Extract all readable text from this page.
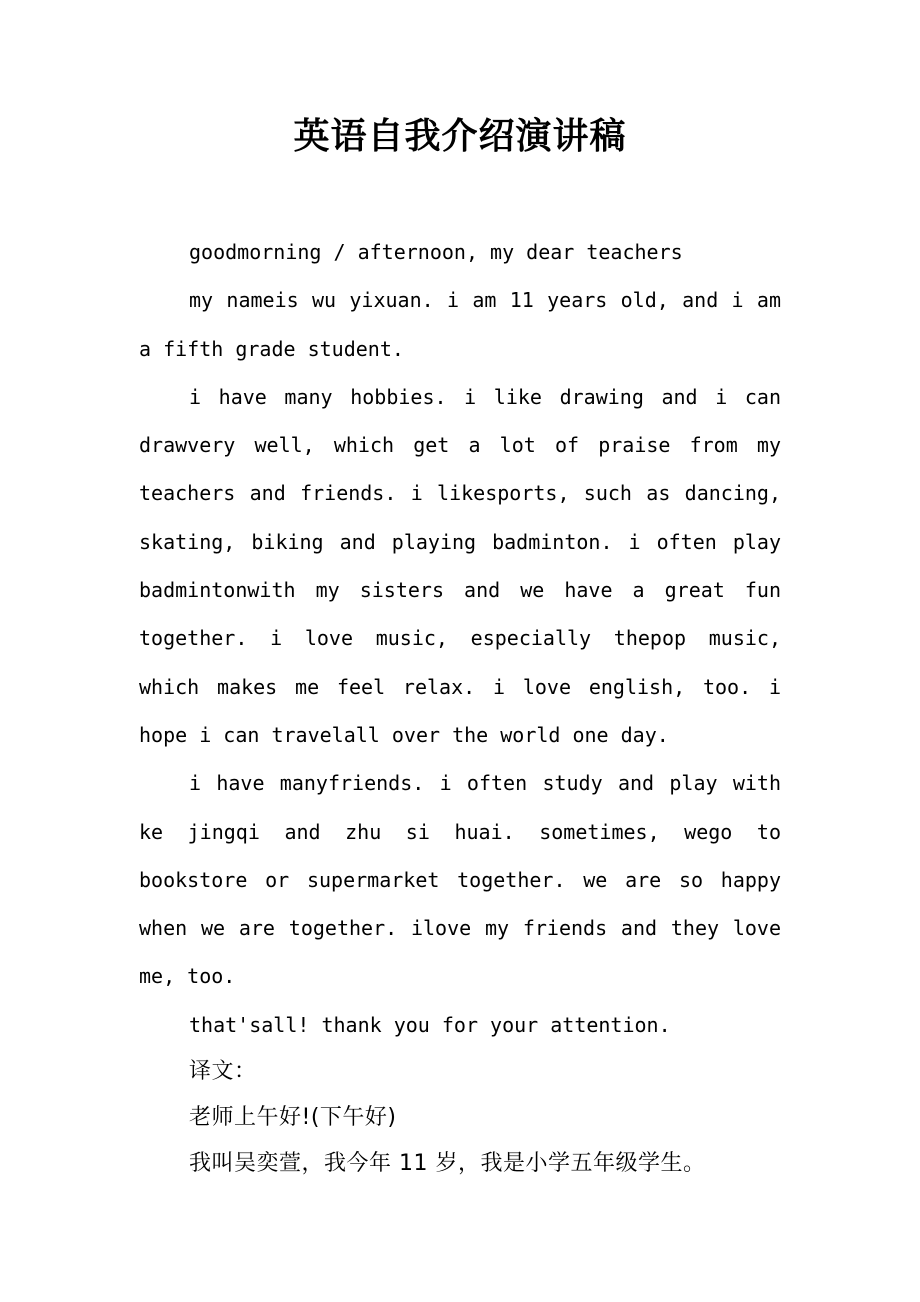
英语自我介绍演讲稿

goodmorning / afternoon, my dear teachers

my nameis wu yixuan. i am 11 years old, and i am a fifth grade student.

i have many hobbies. i like drawing and i can drawvery well, which get a lot of praise from my teachers and friends. i likesports, such as dancing, skating, biking and playing badminton. i often play badmintonwith my sisters and we have a great fun together. i love music, especially thepop music, which makes me feel relax. i love english, too. i hope i can travelall over the world one day.

i have manyfriends. i often study and play with ke jingqi and zhu si huai. sometimes, wego to bookstore or supermarket together. we are so happy when we are together. ilove my friends and they love me, too.

that'sall! thank you for your attention.

译文：

老师上午好!(下午好)

我叫吴奕萱，我今年 11 岁，我是小学五年级学生。
